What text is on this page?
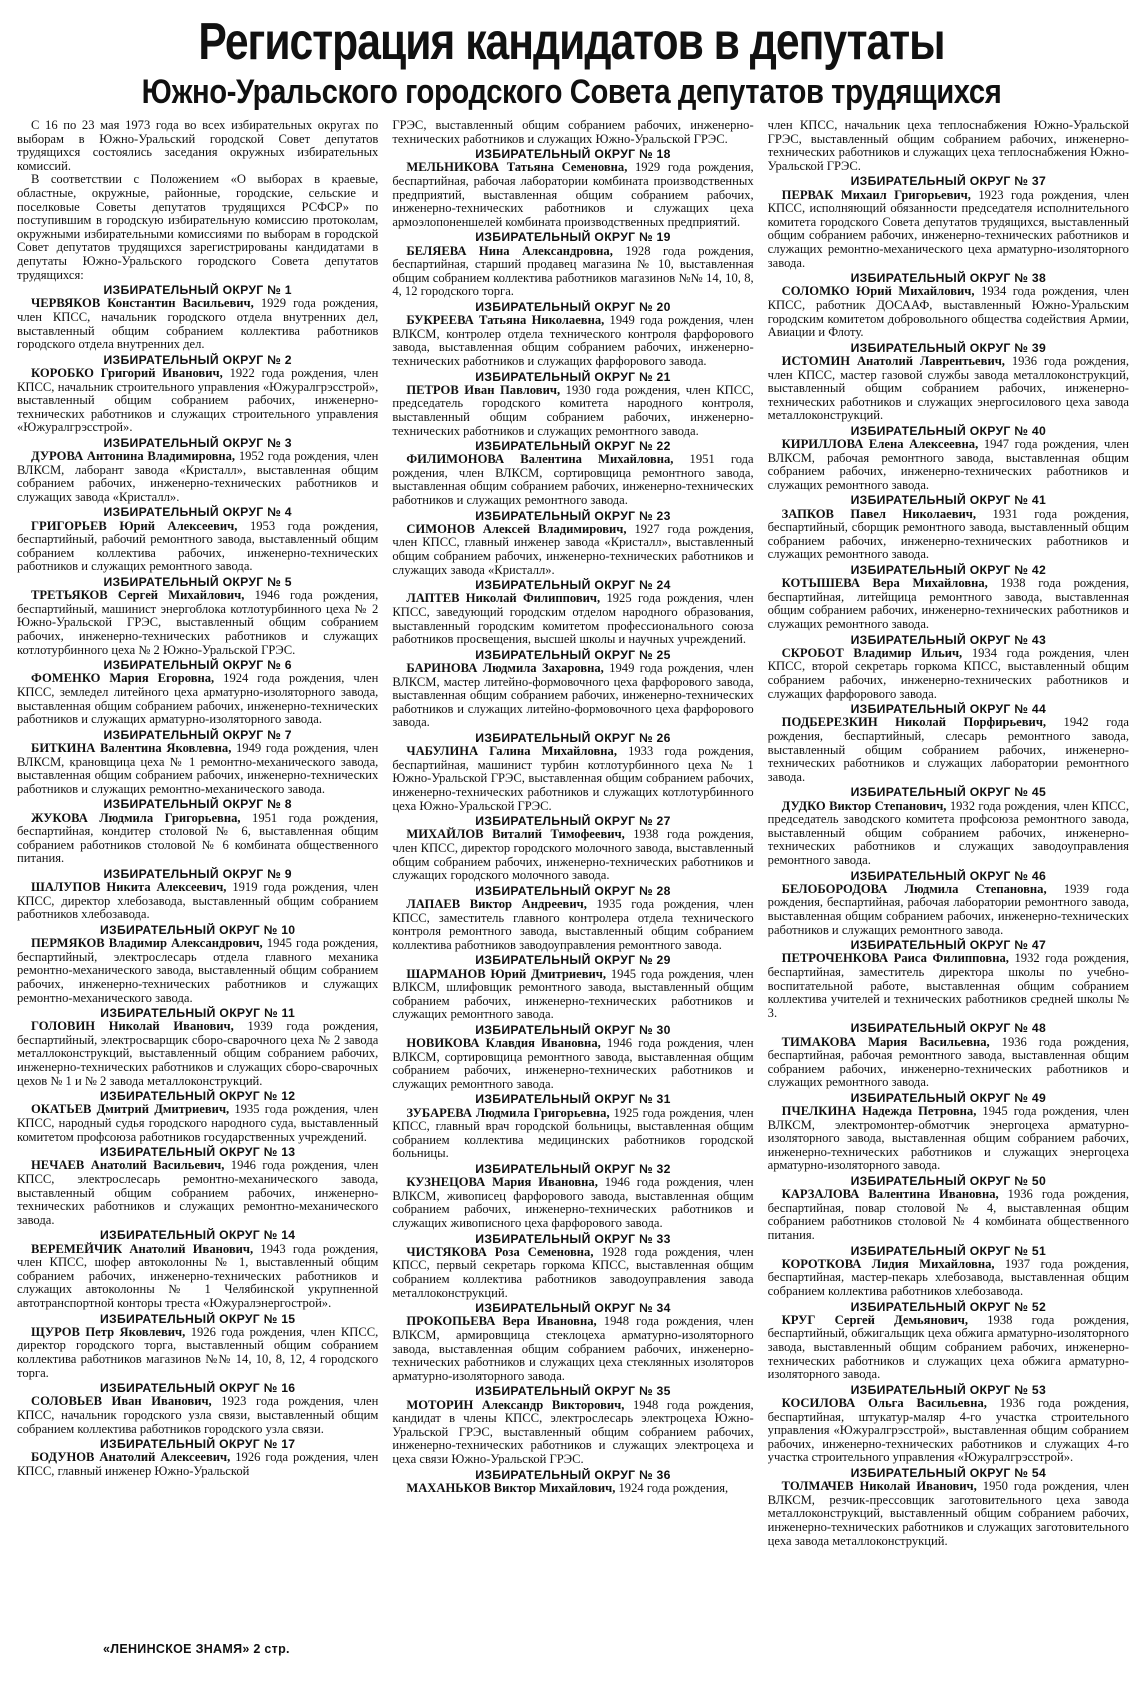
Регистрация кандидатов в депутаты
Южно-Уральского городского Совета депутатов трудящихся

С 16 по 23 мая 1973 года во всех избирательных округах по выборам в Южно-Уральский городской Совет депутатов трудящихся состоялись заседания окружных избирательных комиссий.

В соответствии с Положением «О выборах в краевые, областные, окружные, районные, городские, сельские и поселковые Советы депутатов трудящихся РСФСР» по поступившим в городскую избирательную комиссию протоколам, окружными избирательными комиссиями по выборам в городской Совет депутатов трудящихся зарегистрированы кандидатами в депутаты Южно-Уральского городского Совета депутатов трудящихся:

ИЗБИРАТЕЛЬНЫЙ ОКРУГ № 1

ЧЕРВЯКОВ Константин Васильевич, 1929 года рождения, член КПСС, начальник городского отдела внутренних дел, выставленный общим собранием коллектива работников городского отдела внутренних дел.

ИЗБИРАТЕЛЬНЫЙ ОКРУГ № 2

КОРОБКО Григорий Иванович, 1922 года рождения, член КПСС, начальник строительного управления «Южуралгрэсстрой», выставленный общим собранием рабочих, инженерно-технических работников и служащих строительного управления «Южуралгрэсстрой».

ИЗБИРАТЕЛЬНЫЙ ОКРУГ № 3

ДУРОВА Антонина Владимировна, 1952 года рождения, член ВЛКСМ, лаборант завода «Кристалл», выставленная общим собранием рабочих, инженерно-технических работников и служащих завода «Кристалл».

ИЗБИРАТЕЛЬНЫЙ ОКРУГ № 4

ГРИГОРЬЕВ Юрий Алексеевич, 1953 года рождения, беспартийный, рабочий ремонтного завода, выставленный общим собранием коллектива рабочих, инженерно-технических работников и служащих ремонтного завода.

ИЗБИРАТЕЛЬНЫЙ ОКРУГ № 5

ТРЕТЬЯКОВ Сергей Михайлович, 1946 года рождения, беспартийный, машинист энергоблока котлотурбинного цеха № 2 Южно-Уральской ГРЭС, выставленный общим собранием рабочих, инженерно-технических работников и служащих котлотурбинного цеха № 2 Южно-Уральской ГРЭС.

ИЗБИРАТЕЛЬНЫЙ ОКРУГ № 6

ФОМЕНКО Мария Егоровна, 1924 года рождения, член КПСС, земледел литейного цеха арматурно-изоляторного завода, выставленная общим собранием рабочих, инженерно-технических работников и служащих арматурно-изоляторного завода.

ИЗБИРАТЕЛЬНЫЙ ОКРУГ № 7

БИТКИНА Валентина Яковлевна, 1949 года рождения, член ВЛКСМ, крановщица цеха № 1 ремонтно-механического завода, выставленная общим собранием рабочих, инженерно-технических работников и служащих ремонтно-механического завода.

ИЗБИРАТЕЛЬНЫЙ ОКРУГ № 8

ЖУКОВА Людмила Григорьевна, 1951 года рождения, беспартийная, кондитер столовой № 6, выставленная общим собранием работников столовой № 6 комбината общественного питания.

ИЗБИРАТЕЛЬНЫЙ ОКРУГ № 9

ШАЛУПОВ Никита Алексеевич, 1919 года рождения, член КПСС, директор хлебозавода, выставленный общим собранием работников хлебозавода.

ИЗБИРАТЕЛЬНЫЙ ОКРУГ № 10

ПЕРМЯКОВ Владимир Александрович, 1945 года рождения, беспартийный, электрослесарь отдела главного механика ремонтно-механического завода, выставленный общим собранием рабочих, инженерно-технических работников и служащих ремонтно-механического завода.

ИЗБИРАТЕЛЬНЫЙ ОКРУГ № 11

ГОЛОВИН Николай Иванович, 1939 года рождения, беспартийный, электросварщик сборо-сварочного цеха № 2 завода металлоконструкций, выставленный общим собранием рабочих, инженерно-технических работников и служащих сборо-сварочных цехов № 1 и № 2 завода металлоконструкций.

ИЗБИРАТЕЛЬНЫЙ ОКРУГ № 12

ОКАТЬЕВ Дмитрий Дмитриевич, 1935 года рождения, член КПСС, народный судья городского народного суда, выставленный комитетом профсоюза работников государственных учреждений.

ИЗБИРАТЕЛЬНЫЙ ОКРУГ № 13

НЕЧАЕВ Анатолий Васильевич, 1946 года рождения, член КПСС, электрослесарь ремонтно-механического завода, выставленный общим собранием рабочих, инженерно-технических работников и служащих ремонтно-механического завода.

ИЗБИРАТЕЛЬНЫЙ ОКРУГ № 14

ВЕРЕМЕЙЧИК Анатолий Иванович, 1943 года рождения, член КПСС, шофер автоколонны № 1, выставленный общим собранием рабочих, инженерно-технических работников и служащих автоколонны № 1 Челябинской укрупненной автотранспортной конторы треста «Южуралэнергострой».

ИЗБИРАТЕЛЬНЫЙ ОКРУГ № 15

ЩУРОВ Петр Яковлевич, 1926 года рождения, член КПСС, директор городского торга, выставленный общим собранием коллектива работников магазинов №№ 14, 10, 8, 12, 4 городского торга.

ИЗБИРАТЕЛЬНЫЙ ОКРУГ № 16

СОЛОВЬЕВ Иван Иванович, 1923 года рождения, член КПСС, начальник городского узла связи, выставленный общим собранием коллектива работников городского узла связи.

ИЗБИРАТЕЛЬНЫЙ ОКРУГ № 17

БОДУНОВ Анатолий Алексеевич, 1926 года рождения, член КПСС, главный инженер Южно-Уральской

ГРЭС, выставленный общим собранием рабочих, инженерно-технических работников и служащих Южно-Уральской ГРЭС.

ИЗБИРАТЕЛЬНЫЙ ОКРУГ № 18

МЕЛЬНИКОВА Татьяна Семеновна, 1929 года рождения, беспартийная, рабочая лаборатории комбината производственных предприятий, выставленная общим собранием рабочих, инженерно-технических работников и служащих цеха армоэлопоненшелей комбината производственных предприятий.

ИЗБИРАТЕЛЬНЫЙ ОКРУГ № 19

БЕЛЯЕВА Нина Александровна, 1928 года рождения, беспартийная, старший продавец магазина № 10, выставленная общим собранием коллектива работников магазинов №№ 14, 10, 8, 4, 12 городского торга.

ИЗБИРАТЕЛЬНЫЙ ОКРУГ № 20

БУКРЕЕВА Татьяна Николаевна, 1949 года рождения, член ВЛКСМ, контролер отдела технического контроля фарфорового завода, выставленная общим собранием рабочих, инженерно-технических работников и служащих фарфорового завода.

ИЗБИРАТЕЛЬНЫЙ ОКРУГ № 21

ПЕТРОВ Иван Павлович, 1930 года рождения, член КПСС, председатель городского комитета народного контроля, выставленный общим собранием рабочих, инженерно-технических работников и служащих ремонтного завода.

ИЗБИРАТЕЛЬНЫЙ ОКРУГ № 22

ФИЛИМОНОВА Валентина Михайловна, 1951 года рождения, член ВЛКСМ, сортировщица ремонтного завода, выставленная общим собранием рабочих, инженерно-технических работников и служащих ремонтного завода.

ИЗБИРАТЕЛЬНЫЙ ОКРУГ № 23

СИМОНОВ Алексей Владимирович, 1927 года рождения, член КПСС, главный инженер завода «Кристалл», выставленный общим собранием рабочих, инженерно-технических работников и служащих завода «Кристалл».

ИЗБИРАТЕЛЬНЫЙ ОКРУГ № 24

ЛАПТЕВ Николай Филиппович, 1925 года рождения, член КПСС, заведующий городским отделом народного образования, выставленный городским комитетом профессионального союза работников просвещения, высшей школы и научных учреждений.

ИЗБИРАТЕЛЬНЫЙ ОКРУГ № 25

БАРИНОВА Людмила Захаровна, 1949 года рождения, член ВЛКСМ, мастер литейно-формовочного цеха фарфорового завода, выставленная общим собранием рабочих, инженерно-технических работников и служащих литейно-формовочного цеха фарфорового завода.

ИЗБИРАТЕЛЬНЫЙ ОКРУГ № 26

ЧАБУЛИНА Галина Михайловна, 1933 года рождения, беспартийная, машинист турбин котлотурбинного цеха № 1 Южно-Уральской ГРЭС, выставленная общим собранием рабочих, инженерно-технических работников и служащих котлотурбинного цеха Южно-Уральской ГРЭС.

ИЗБИРАТЕЛЬНЫЙ ОКРУГ № 27

МИХАЙЛОВ Виталий Тимофеевич, 1938 года рождения, член КПСС, директор городского молочного завода, выставленный общим собранием рабочих, инженерно-технических работников и служащих городского молочного завода.

ИЗБИРАТЕЛЬНЫЙ ОКРУГ № 28

ЛАПАЕВ Виктор Андреевич, 1935 года рождения, член КПСС, заместитель главного контролера отдела технического контроля ремонтного завода, выставленный общим собранием коллектива работников заводоуправления ремонтного завода.

ИЗБИРАТЕЛЬНЫЙ ОКРУГ № 29

ШАРМАНОВ Юрий Дмитриевич, 1945 года рождения, член ВЛКСМ, шлифовщик ремонтного завода, выставленный общим собранием рабочих, инженерно-технических работников и служащих ремонтного завода.

ИЗБИРАТЕЛЬНЫЙ ОКРУГ № 30

НОВИКОВА Клавдия Ивановна, 1946 года рождения, член ВЛКСМ, сортировщица ремонтного завода, выставленная общим собранием рабочих, инженерно-технических работников и служащих ремонтного завода.

ИЗБИРАТЕЛЬНЫЙ ОКРУГ № 31

ЗУБАРЕВА Людмила Григорьевна, 1925 года рождения, член КПСС, главный врач городской больницы, выставленная общим собранием коллектива медицинских работников городской больницы.

ИЗБИРАТЕЛЬНЫЙ ОКРУГ № 32

КУЗНЕЦОВА Мария Ивановна, 1946 года рождения, член ВЛКСМ, живописец фарфорового завода, выставленная общим собранием рабочих, инженерно-технических работников и служащих живописного цеха фарфорового завода.

ИЗБИРАТЕЛЬНЫЙ ОКРУГ № 33

ЧИСТЯКОВА Роза Семеновна, 1928 года рождения, член КПСС, первый секретарь горкома КПСС, выставленная общим собранием коллектива работников заводоуправления завода металлоконструкций.

ИЗБИРАТЕЛЬНЫЙ ОКРУГ № 34

ПРОКОПЬЕВА Вера Ивановна, 1948 года рождения, член ВЛКСМ, армировщица стеклоцеха арматурно-изоляторного завода, выставленная общим собранием рабочих, инженерно-технических работников и служащих цеха стеклянных изоляторов арматурно-изоляторного завода.

ИЗБИРАТЕЛЬНЫЙ ОКРУГ № 35

МОТОРИН Александр Викторович, 1948 года рождения, кандидат в члены КПСС, электрослесарь электроцеха Южно-Уральской ГРЭС, выставленный общим собранием рабочих, инженерно-технических работников и служащих электроцеха и цеха связи Южно-Уральской ГРЭС.

ИЗБИРАТЕЛЬНЫЙ ОКРУГ № 36

МАХАНЬКОВ Виктор Михайлович, 1924 года рождения,

член КПСС, начальник цеха теплоснабжения Южно-Уральской ГРЭС, выставленный общим собранием рабочих, инженерно-технических работников и служащих цеха теплоснабжения Южно-Уральской ГРЭС.

ИЗБИРАТЕЛЬНЫЙ ОКРУГ № 37

ПЕРВАК Михаил Григорьевич, 1923 года рождения, член КПСС, исполняющий обязанности председателя исполнительного комитета городского Совета депутатов трудящихся, выставленный общим собранием рабочих, инженерно-технических работников и служащих ремонтно-механического цеха арматурно-изоляторного завода.

ИЗБИРАТЕЛЬНЫЙ ОКРУГ № 38

СОЛОМКО Юрий Михайлович, 1934 года рождения, член КПСС, работник ДОСААФ, выставленный Южно-Уральским городским комитетом добровольного общества содействия Армии, Авиации и Флоту.

ИЗБИРАТЕЛЬНЫЙ ОКРУГ № 39

ИСТОМИН Анатолий Лаврентьевич, 1936 года рождения, член КПСС, мастер газовой службы завода металлоконструкций, выставленный общим собранием рабочих, инженерно-технических работников и служащих энергосилового цеха завода металлоконструкций.

ИЗБИРАТЕЛЬНЫЙ ОКРУГ № 40

КИРИЛЛОВА Елена Алексеевна, 1947 года рождения, член ВЛКСМ, рабочая ремонтного завода, выставленная общим собранием рабочих, инженерно-технических работников и служащих ремонтного завода.

ИЗБИРАТЕЛЬНЫЙ ОКРУГ № 41

ЗАПКОВ Павел Николаевич, 1931 года рождения, беспартийный, сборщик ремонтного завода, выставленный общим собранием рабочих, инженерно-технических работников и служащих ремонтного завода.

ИЗБИРАТЕЛЬНЫЙ ОКРУГ № 42

КОТЫШЕВА Вера Михайловна, 1938 года рождения, беспартийная, литейщица ремонтного завода, выставленная общим собранием рабочих, инженерно-технических работников и служащих ремонтного завода.

ИЗБИРАТЕЛЬНЫЙ ОКРУГ № 43

СКРОБОТ Владимир Ильич, 1934 года рождения, член КПСС, второй секретарь горкома КПСС, выставленный общим собранием рабочих, инженерно-технических работников и служащих фарфорового завода.

ИЗБИРАТЕЛЬНЫЙ ОКРУГ № 44

ПОДБЕРЕЗКИН Николай Порфирьевич, 1942 года рождения, беспартийный, слесарь ремонтного завода, выставленный общим собранием рабочих, инженерно-технических работников и служащих лаборатории ремонтного завода.

ИЗБИРАТЕЛЬНЫЙ ОКРУГ № 45

ДУДКО Виктор Степанович, 1932 года рождения, член КПСС, председатель заводского комитета профсоюза ремонтного завода, выставленный общим собранием рабочих, инженерно-технических работников и служащих заводоуправления ремонтного завода.

ИЗБИРАТЕЛЬНЫЙ ОКРУГ № 46

БЕЛОБОРОДОВА Людмила Степановна, 1939 года рождения, беспартийная, рабочая лаборатории ремонтного завода, выставленная общим собранием рабочих, инженерно-технических работников и служащих ремонтного завода.

ИЗБИРАТЕЛЬНЫЙ ОКРУГ № 47

ПЕТРОЧЕНКОВА Раиса Филипповна, 1932 года рождения, беспартийная, заместитель директора школы по учебно-воспитательной работе, выставленная общим собранием коллектива учителей и технических работников средней школы № 3.

ИЗБИРАТЕЛЬНЫЙ ОКРУГ № 48

ТИМАКОВА Мария Васильевна, 1936 года рождения, беспартийная, рабочая ремонтного завода, выставленная общим собранием рабочих, инженерно-технических работников и служащих ремонтного завода.

ИЗБИРАТЕЛЬНЫЙ ОКРУГ № 49

ПЧЕЛКИНА Надежда Петровна, 1945 года рождения, член ВЛКСМ, электромонтер-обмотчик энергоцеха арматурно-изоляторного завода, выставленная общим собранием рабочих, инженерно-технических работников и служащих энергоцеха арматурно-изоляторного завода.

ИЗБИРАТЕЛЬНЫЙ ОКРУГ № 50

КАРЗАЛОВА Валентина Ивановна, 1936 года рождения, беспартийная, повар столовой № 4, выставленная общим собранием работников столовой № 4 комбината общественного питания.

ИЗБИРАТЕЛЬНЫЙ ОКРУГ № 51

КОРОТКОВА Лидия Михайловна, 1937 года рождения, беспартийная, мастер-пекарь хлебозавода, выставленная общим собранием коллектива работников хлебозавода.

ИЗБИРАТЕЛЬНЫЙ ОКРУГ № 52

КРУГ Сергей Демьянович, 1938 года рождения, беспартийный, обжигальщик цеха обжига арматурно-изоляторного завода, выставленный общим собранием рабочих, инженерно-технических работников и служащих цеха обжига арматурно-изоляторного завода.

ИЗБИРАТЕЛЬНЫЙ ОКРУГ № 53

КОСИЛОВА Ольга Васильевна, 1936 года рождения, беспартийная, штукатур-маляр 4-го участка строительного управления «Южуралгрэсстрой», выставленная общим собранием рабочих, инженерно-технических работников и служащих 4-го участка строительного управления «Южуралгрэсстрой».

ИЗБИРАТЕЛЬНЫЙ ОКРУГ № 54

ТОЛМАЧЕВ Николай Иванович, 1950 года рождения, член ВЛКСМ, резчик-прессовщик заготовительного цеха завода металлоконструкций, выставленный общим собранием рабочих, инженерно-технических работников и служащих заготовительного цеха завода металлоконструкций.

«ЛЕНИНСКОЕ ЗНАМЯ» 2 стр.
